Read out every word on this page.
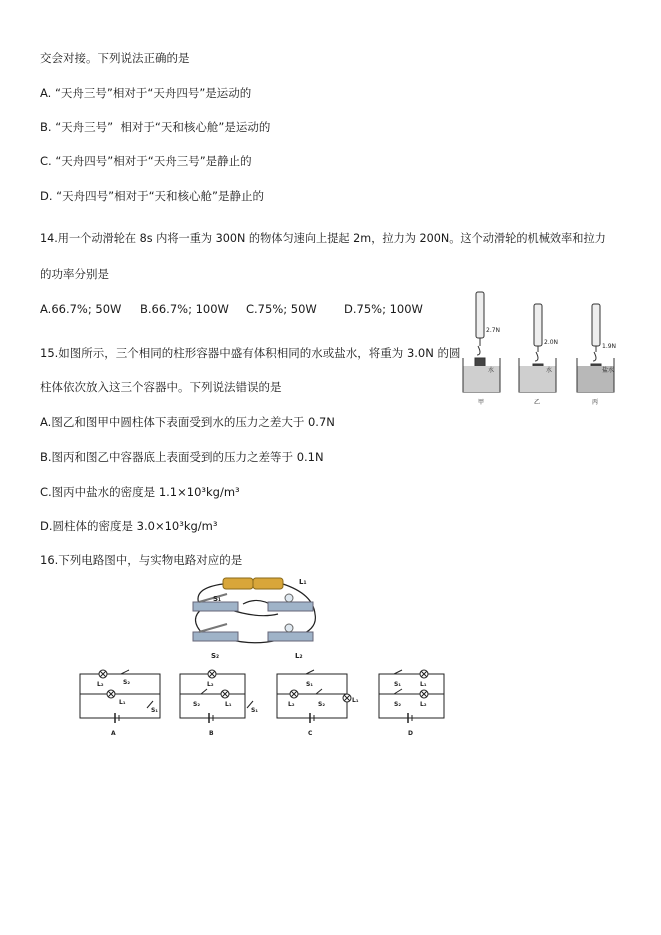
交会对接。下列说法正确的是
A. “天舟三号”相对于“天舟四号”是运动的
B. “天舟三号”  相对于“天和核心舱”是运动的
C. “天舟四号”相对于“天舟三号”是静止的
D. “天舟四号”相对于“天和核心舱”是静止的
14.用一个动滑轮在 8s 内将一重为 300N 的物体匀速向上提起 2m，拉力为 200N。这个动滑轮的机械效率和拉力
的功率分别是
A.66.7%; 50W B.66.7%; 100W C.75%; 50W D.75%; 100W
15.如图所示，三个相同的柱形容器中盛有体积相同的水或盐水，将重为 3.0N 的圆
柱体依次放入这三个容器中。下列说法错误的是
A.图乙和图甲中圆柱体下表面受到水的压力之差大于 0.7N
B.图丙和图乙中容器底上表面受到的压力之差等于 0.1N
C.图丙中盐水的密度是 1.1×10³kg/m³
D.圆柱体的密度是 3.0×10³kg/m³
2.7N
2.0N
1.9N
水	水	盐水
甲	乙	丙
16.下列电路图中，与实物电路对应的是
S₁
L₁
S₂	L₂
L₂	S₂
L₁
S₁
A
L₂
S₂	L₁
S₁
B
S₁
L₂	S₂
L₁
C
S₁	L₁
S₂	L₂
D
